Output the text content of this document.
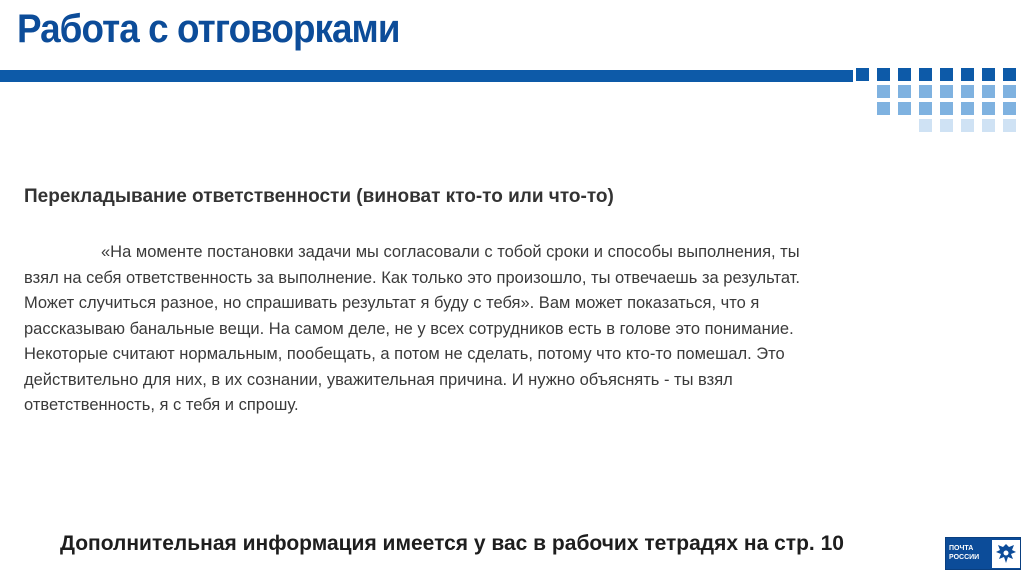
Работа с отговорками
Перекладывание ответственности (виноват кто-то или что-то)
«На моменте постановки задачи мы согласовали с тобой сроки и способы выполнения, ты
взял на себя ответственность за выполнение. Как только это произошло, ты отвечаешь за результат.
Может случиться разное, но спрашивать результат я буду с тебя». Вам может показаться, что я
рассказываю банальные вещи. На самом деле, не у всех сотрудников есть в голове это понимание.
Некоторые считают нормальным, пообещать, а потом не сделать, потому что кто-то помешал. Это
действительно для них, в их сознании, уважительная причина. И нужно объяснять - ты взял
ответственность, я с тебя и спрошу.
Дополнительная информация имеется у вас в рабочих тетрадях на стр. 10	ПОЧТА
РОССИИ
